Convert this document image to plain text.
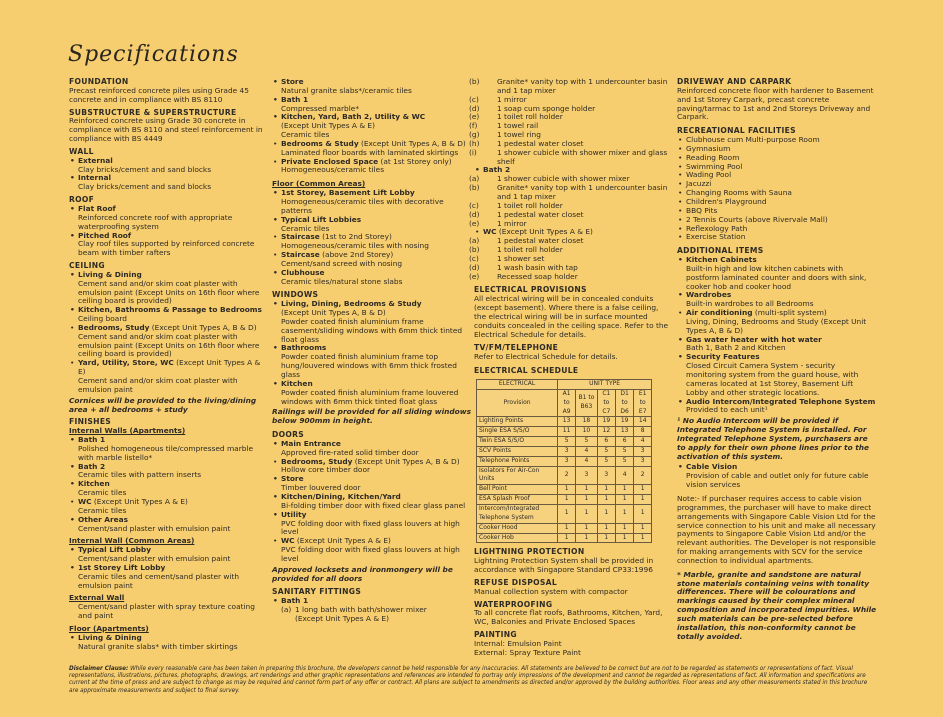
Specifications
FOUNDATION
Precast reinforced concrete piles using Grade 45 concrete and in compliance with BS 8110
SUBSTRUCTURE & SUPERSTRUCTURE
Reinforced concrete using Grade 30 concrete in compliance with BS 8110 and steel reinforcement in compliance with BS 4449
WALL
• External
Clay bricks/cement and sand blocks
• Internal
Clay bricks/cement and sand blocks
ROOF
• Flat Roof
Reinforced concrete roof with appropriate waterproofing system
• Pitched Roof
Clay roof tiles supported by reinforced concrete beam with timber rafters
CEILING
• Living & Dining
Cement sand and/or skim coat plaster with emulsion paint (Except Units on 16th floor where ceiling board is provided)
• Kitchen, Bathrooms & Passage to Bedrooms
Ceiling board
• Bedrooms, Study (Except Unit Types A, B & D)
Cement sand and/or skim coat plaster with emulsion paint (Except Units on 16th floor where ceiling board is provided)
• Yard, Utility, Store, WC (Except Unit Types A & E)
Cement sand and/or skim coat plaster with emulsion paint
Cornices will be provided to the living/dining area + all bedrooms + study
FINISHES
Internal Walls (Apartments)
• Bath 1
Polished homogeneous tile/compressed marble with marble listello*
• Bath 2
Ceramic tiles with pattern inserts
• Kitchen
Ceramic tiles
• WC (Except Unit Types A & E)
Ceramic tiles
• Other Areas
Cement/sand plaster with emulsion paint
Internal Wall (Common Areas)
• Typical Lift Lobby
Cement/sand plaster with emulsion paint
• 1st Storey Lift Lobby
Ceramic tiles and cement/sand plaster with emulsion paint
External Wall
Cement/sand plaster with spray texture coating and paint
Floor (Apartments)
• Living & Dining
Natural granite slabs* with timber skirtings
• Store
Natural granite slabs*/ceramic tiles
• Bath 1
Compressed marble*
• Kitchen, Yard, Bath 2, Utility & WC
(Except Unit Types A & E)
Ceramic tiles
• Bedrooms & Study (Except Unit Types A, B & D)
Laminated floor boards with laminated skirtings
• Private Enclosed Space (at 1st Storey only)
Homogeneous/ceramic tiles
Floor (Common Areas)
• 1st Storey, Basement Lift Lobby
Homogeneous/ceramic tiles with decorative patterns
• Typical Lift Lobbies
Ceramic tiles
• Staircase (1st to 2nd Storey)
Homogeneous/ceramic tiles with nosing
• Staircase (above 2nd Storey)
Cement/sand screed with nosing
• Clubhouse
Ceramic tiles/natural stone slabs
WINDOWS
• Living, Dining, Bedrooms & Study
(Except Unit Types A, B & D)
Powder coated finish aluminium frame casement/sliding windows with 6mm thick tinted float glass
• Bathrooms
Powder coated finish aluminium frame top hung/louvered windows with 6mm thick frosted glass
• Kitchen
Powder coated finish aluminium frame louvered windows with 6mm thick tinted float glass
Railings will be provided for all sliding windows below 900mm in height.
DOORS
• Main Entrance
Approved fire-rated solid timber door
• Bedrooms, Study (Except Unit Types A, B & D)
Hollow core timber door
• Store
Timber louvered door
• Kitchen/Dining, Kitchen/Yard
Bi-folding timber door with fixed clear glass panel
• Utility
PVC folding door with fixed glass louvers at high level
• WC (Except Unit Types A & E)
PVC folding door with fixed glass louvers at high level
Approved locksets and ironmongery will be provided for all doors
SANITARY FITTINGS
• Bath 1
(a) 1 long bath with bath/shower mixer
(Except Unit Types A & E)
(b) Granite* vanity top with 1 undercounter basin and 1 tap mixer
(c) 1 mirror
(d) 1 soap cum sponge holder
(e) 1 toilet roll holder
(f)	1 towel rail
(g) 1 towel ring
(h) 1 pedestal water closet
(i)	1 shower cubicle with shower mixer and glass shelf
• Bath 2
(a) 1 shower cubicle with shower mixer
(b) Granite* vanity top with 1 undercounter basin and 1 tap mixer
(c) 1 toilet roll holder
(d) 1 pedestal water closet
(e) 1 mirror
• WC (Except Unit Types A & E)
(a) 1 pedestal water closet
(b) 1 toilet roll holder
(c) 1 shower set
(d) 1 wash basin with tap
(e) Recessed soap holder
ELECTRICAL PROVISIONS
All electrical wiring will be in concealed conduits (except basement). Where there is a false ceiling, the electrical wiring will be in surface mounted conduits concealed in the ceiling space. Refer to the Electrical Schedule for details.
TV/FM/TELEPHONE
Refer to Electrical Schedule for details.
ELECTRICAL SCHEDULE
ELECTRICAL	UNIT TYPE				
Provision	A1 to A9	B1 to B63	C1 to C7	D1 to D6	E1 to E7
Lighting Points	13	18	19	19	14
Single ESA S/S/O	11	10	12	13	8
Twin ESA S/S/O	5	5	6	6	4
SCV Points	3	4	5	5	3
Telephone Points	3	4	5	5	3
Isolators For Air-Con Units	2	3	3	4	2
Bell Point	1	1	1	1	1
ESA Splash Proof	1	1	1	1	1
Intercom/Integrated Telephone System	1	1	1	1	1
Cooker Hood	1	1	1	1	1
Cooker Hob	1	1	1	1	1
LIGHTNING PROTECTION
Lightning Protection System shall be provided in accordance with Singapore Standard CP33:1996
REFUSE DISPOSAL
Manual collection system with compactor
WATERPROOFING
To all concrete flat roofs, Bathrooms, Kitchen, Yard, WC, Balconies and Private Enclosed Spaces
PAINTING
Internal: Emulsion Paint
External: Spray Texture Paint
DRIVEWAY AND CARPARK
Reinforced concrete floor with hardener to Basement and 1st Storey Carpark, precast concrete paving/tarmac to 1st and 2nd Storeys Driveway and Carpark.
RECREATIONAL FACILITIES
• Clubhouse cum Multi-purpose Room
• Gymnasium
• Reading Room
• Swimming Pool
• Wading Pool
• Jacuzzi
• Changing Rooms with Sauna
• Children's Playground
• BBQ Pits
• 2 Tennis Courts (above Rivervale Mall)
• Reflexology Path
• Exercise Station
ADDITIONAL ITEMS
• Kitchen Cabinets
Built-in high and low kitchen cabinets with postform laminated counter and doors with sink, cooker hob and cooker hood
• Wardrobes
Built-in wardrobes to all Bedrooms
• Air conditioning (multi-split system)
Living, Dining, Bedrooms and Study (Except Unit Types A, B & D)
• Gas water heater with hot water
Bath 1, Bath 2 and Kitchen
• Security Features
Closed Circuit Camera System - security monitoring system from the guard house, with cameras located at 1st Storey, Basement Lift Lobby and other strategic locations.
• Audio Intercom/Integrated Telephone System
Provided to each unit¹
¹ No Audio Intercom will be provided if Integrated Telephone System is installed. For Integrated Telephone System, purchasers are to apply for their own phone lines prior to the activation of this system.
• Cable Vision
Provision of cable and outlet only for future cable vision services
Note:- If purchaser requires access to cable vision programmes, the purchaser will have to make direct arrangements with Singapore Cable Vision Ltd for the service connection to his unit and make all necessary payments to Singapore Cable Vision Ltd and/or the relevant authorities. The Developer is not responsible for making arrangements with SCV for the service connection to individual apartments.
* Marble, granite and sandstone are natural stone materials containing veins with tonality differences. There will be colourations and markings caused by their complex mineral composition and incorporated impurities. While such materials can be pre-selected before installation, this non-conformity cannot be totally avoided.
Disclaimer Clause: While every reasonable care has been taken in preparing this brochure, the developers cannot be held responsible for any inaccuracies. All statements are believed to be correct but are not to be regarded as statements or representations of fact. Visual representations, illustrations, pictures, photographs, drawings, art renderings and other graphic representations and references are intended to portray only impressions of the development and cannot be regarded as representations of fact. All information and specifications are current at the time of press and are subject to change as may be required and cannot form part of any offer or contract. All plans are subject to amendments as directed and/or approved by the building authorities. Floor areas and any other measurements stated in this brochure are approximate measurements and subject to final survey.
